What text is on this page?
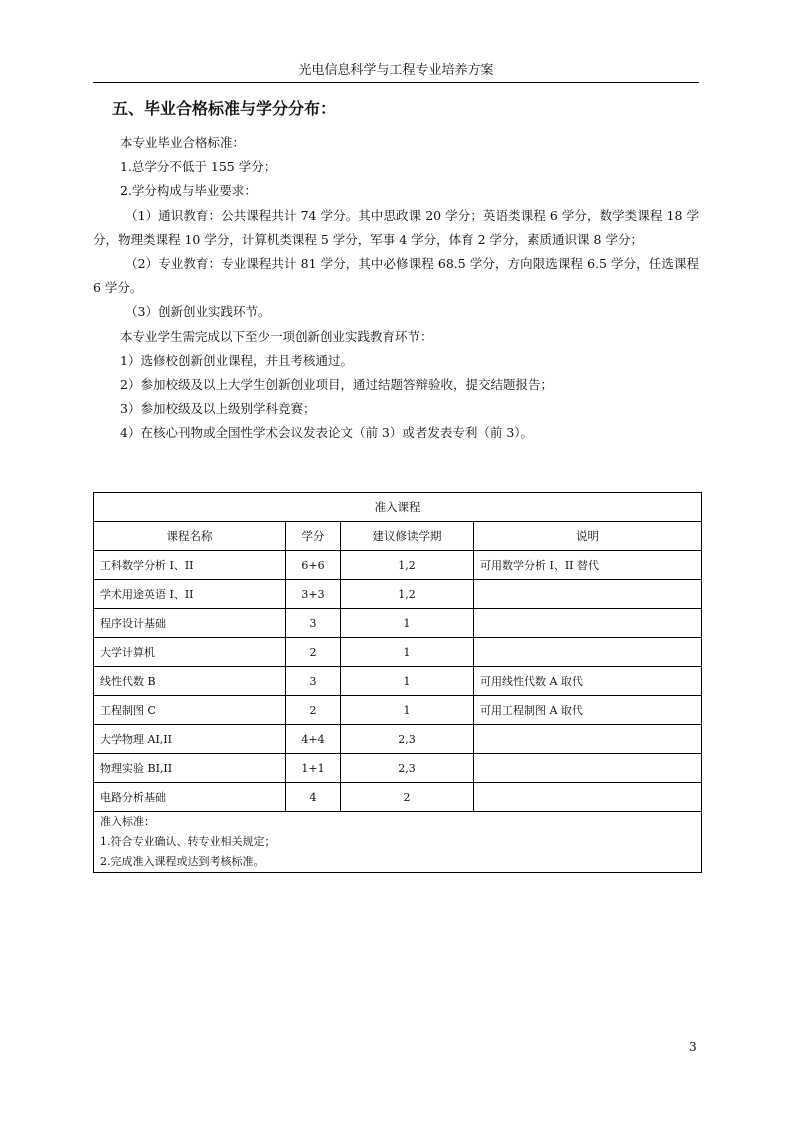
光电信息科学与工程专业培养方案
五、毕业合格标准与学分分布：

本专业毕业合格标准：

1.总学分不低于 155 学分；

2.学分构成与毕业要求：

（1）通识教育：公共课程共计 74 学分。其中思政课 20 学分；英语类课程 6 学分，数学类课程 18 学分，物理类课程 10 学分，计算机类课程 5 学分，军事 4 学分，体育 2 学分，素质通识课 8 学分；

（2）专业教育：专业课程共计 81 学分，其中必修课程 68.5 学分，方向限选课程 6.5 学分，任选课程 6 学分。

（3）创新创业实践环节。

本专业学生需完成以下至少一项创新创业实践教育环节：

1）选修校创新创业课程，并且考核通过。

2）参加校级及以上大学生创新创业项目，通过结题答辩验收，提交结题报告；

3）参加校级及以上级别学科竞赛；

4）在核心刊物或全国性学术会议发表论文（前 3）或者发表专利（前 3）。

准入课程			
课程名称	学分	建议修读学期	说明
工科数学分析 I、II	6+6	1,2	可用数学分析 I、II 替代
学术用途英语 I、II	3+3	1,2	
程序设计基础	3	1	
大学计算机	2	1	
线性代数 B	3	1	可用线性代数 A 取代
工程制图 C	2	1	可用工程制图 A 取代
大学物理 AI,II	4+4	2,3	
物理实验 BI,II	1+1	2,3	
电路分析基础	4	2	

准入标准：
1.符合专业确认、转专业相关规定；
2.完成准入课程或达到考核标准。			
3
